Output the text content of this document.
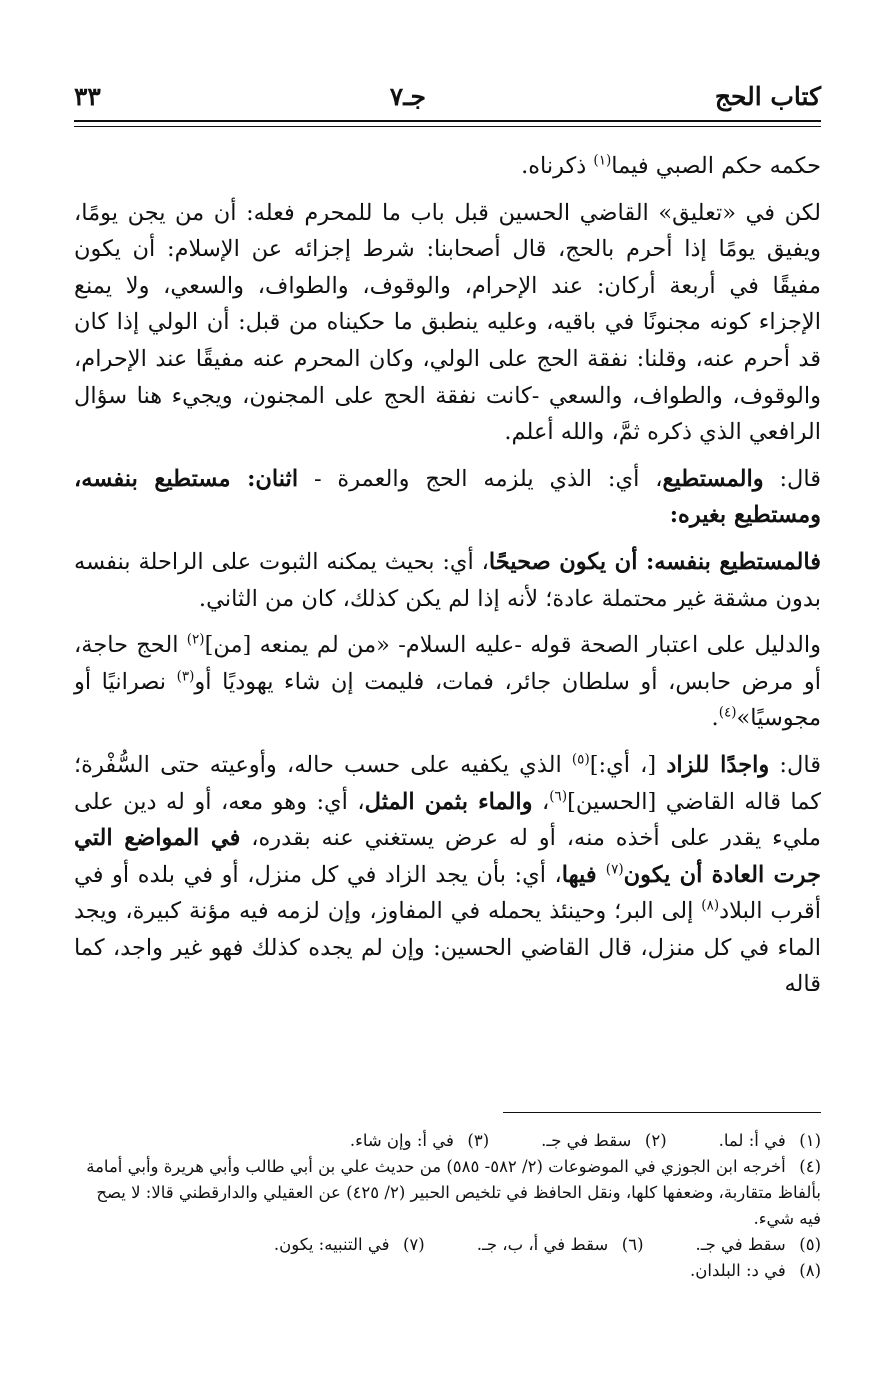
كتاب الحج
جـ٧
٣٣

حكمه حكم الصبي فيما$^{(١)}$ ذكرناه.

لكن في «تعليق» القاضي الحسين قبل باب ما للمحرم فعله: أن من يجن يومًا، ويفيق يومًا إذا أحرم بالحج، قال أصحابنا: شرط إجزائه عن الإسلام: أن يكون مفيقًا في أربعة أركان: عند الإحرام، والوقوف، والطواف، والسعي، ولا يمنع الإجزاء كونه مجنونًا في باقيه، وعليه ينطبق ما حكيناه من قبل: أن الولي إذا كان قد أحرم عنه، وقلنا: نفقة الحج على الولي، وكان المحرم عنه مفيقًا عند الإحرام، والوقوف، والطواف، والسعي -كانت نفقة الحج على المجنون، ويجيء هنا سؤال الرافعي الذي ذكره ثمَّ، والله أعلم.

قال: والمستطيع، أي: الذي يلزمه الحج والعمرة - اثنان: مستطيع بنفسه، ومستطيع بغيره:

فالمستطيع بنفسه: أن يكون صحيحًا، أي: بحيث يمكنه الثبوت على الراحلة بنفسه بدون مشقة غير محتملة عادة؛ لأنه إذا لم يكن كذلك، كان من الثاني.

والدليل على اعتبار الصحة قوله -عليه السلام- «من لم يمنعه [من]$^{(٢)}$ الحج حاجة، أو مرض حابس، أو سلطان جائر، فمات، فليمت إن شاء يهوديًا أو$^{(٣)}$ نصرانيًا أو مجوسيًا»$^{(٤)}$.

قال: واجدًا للزاد [، أي:]$^{(٥)}$ الذي يكفيه على حسب حاله، وأوعيته حتى السُّفْرة؛ كما قاله القاضي [الحسين]$^{(٦)}$، والماء بثمن المثل، أي: وهو معه، أو له دين على مليء يقدر على أخذه منه، أو له عرض يستغني عنه بقدره، في المواضع التي جرت العادة أن يكون$^{(٧)}$ فيها، أي: بأن يجد الزاد في كل منزل، أو في بلده أو في أقرب البلاد$^{(٨)}$ إلى البر؛ وحينئذ يحمله في المفاوز، وإن لزمه فيه مؤنة كبيرة، ويجد الماء في كل منزل، قال القاضي الحسين: وإن لم يجده كذلك فهو غير واجد، كما قاله

(١) في أ: لما.
(٢) سقط في جـ.
(٣) في أ: وإن شاء.
(٤) أخرجه ابن الجوزي في الموضوعات (٢/ ٥٨٢- ٥٨٥) من حديث علي بن أبي طالب وأبي هريرة وأبي أمامة بألفاظ متقاربة، وضعفها كلها، ونقل الحافظ في تلخيص الحبير (٢/ ٤٢٥) عن العقيلي والدارقطني قالا: لا يصح فيه شيء.
(٥) سقط في جـ.
(٦) سقط في أ، ب، جـ.
(٧) في التنبيه: يكون.
(٨) في د: البلدان.
